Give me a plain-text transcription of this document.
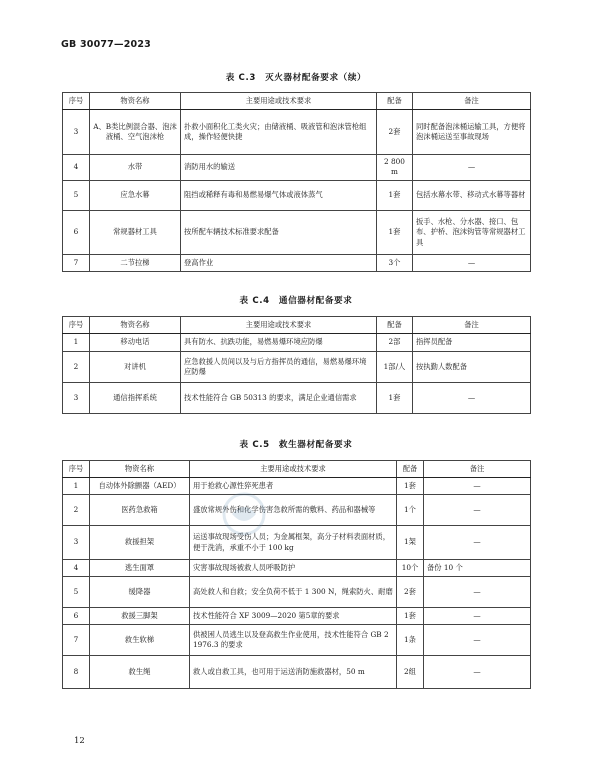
GB 30077—2023
表 C.3　灭火器材配备要求（续）
序号	物资名称	主要用途或技术要求	配备	备注
3	A、B类比例混合器、泡沫液桶、空气泡沫枪	扑救小面积化工类火灾；由储液桶、吸液管和泡沫管枪组成，操作轻便快捷	2套	同时配备泡沫桶运输工具，方便将泡沫桶运送至事故现场
4	水带	消防用水的输送	2 800 m	—
5	应急水幕	阻挡或稀释有毒和易燃易爆气体或液体蒸气	1套	包括水幕水带、移动式水幕等器材
6	常规器材工具	按所配车辆技术标准要求配备	1套	扳手、水枪、分水器、接口、包布、护桥、泡沫钩管等常规器材工具
7	二节拉梯	登高作业	3个	—
表 C.4　通信器材配备要求
序号	物资名称	主要用途或技术要求	配备	备注
1	移动电话	具有防水、抗跌功能，易燃易爆环境应防爆	2部	指挥员配备
2	对讲机	应急救援人员间以及与后方指挥员的通信，易燃易爆环境应防爆	1部/人	按执勤人数配备
3	通信指挥系统	技术性能符合 GB 50313 的要求，满足企业通信需求	1套	—
表 C.5　救生器材配备要求
序号	物资名称	主要用途或技术要求	配备	备注
1	自动体外除颤器（AED）	用于抢救心源性猝死患者	1套	—
2	医药急救箱	盛放常规外伤和化学伤害急救所需的敷料、药品和器械等	1个	—
3	救援担架	运送事故现场受伤人员；为金属框架，高分子材料表面材质，便于洗消，承重不小于 100 kg	1架	—
4	逃生面罩	灾害事故现场被救人员呼吸防护	10个	备份 10 个
5	缓降器	高处救人和自救；安全负荷不低于 1 300 N，绳索防火、耐磨	2套	—
6	救援三脚架	技术性能符合 XF 3009—2020 第5章的要求	1套	—
7	救生软梯	供被困人员逃生以及登高救生作业使用，技术性能符合 GB 21976.3 的要求	1条	—
8	救生绳	救人或自救工具，也可用于运送消防施救器材，50 m	2组	—
12
